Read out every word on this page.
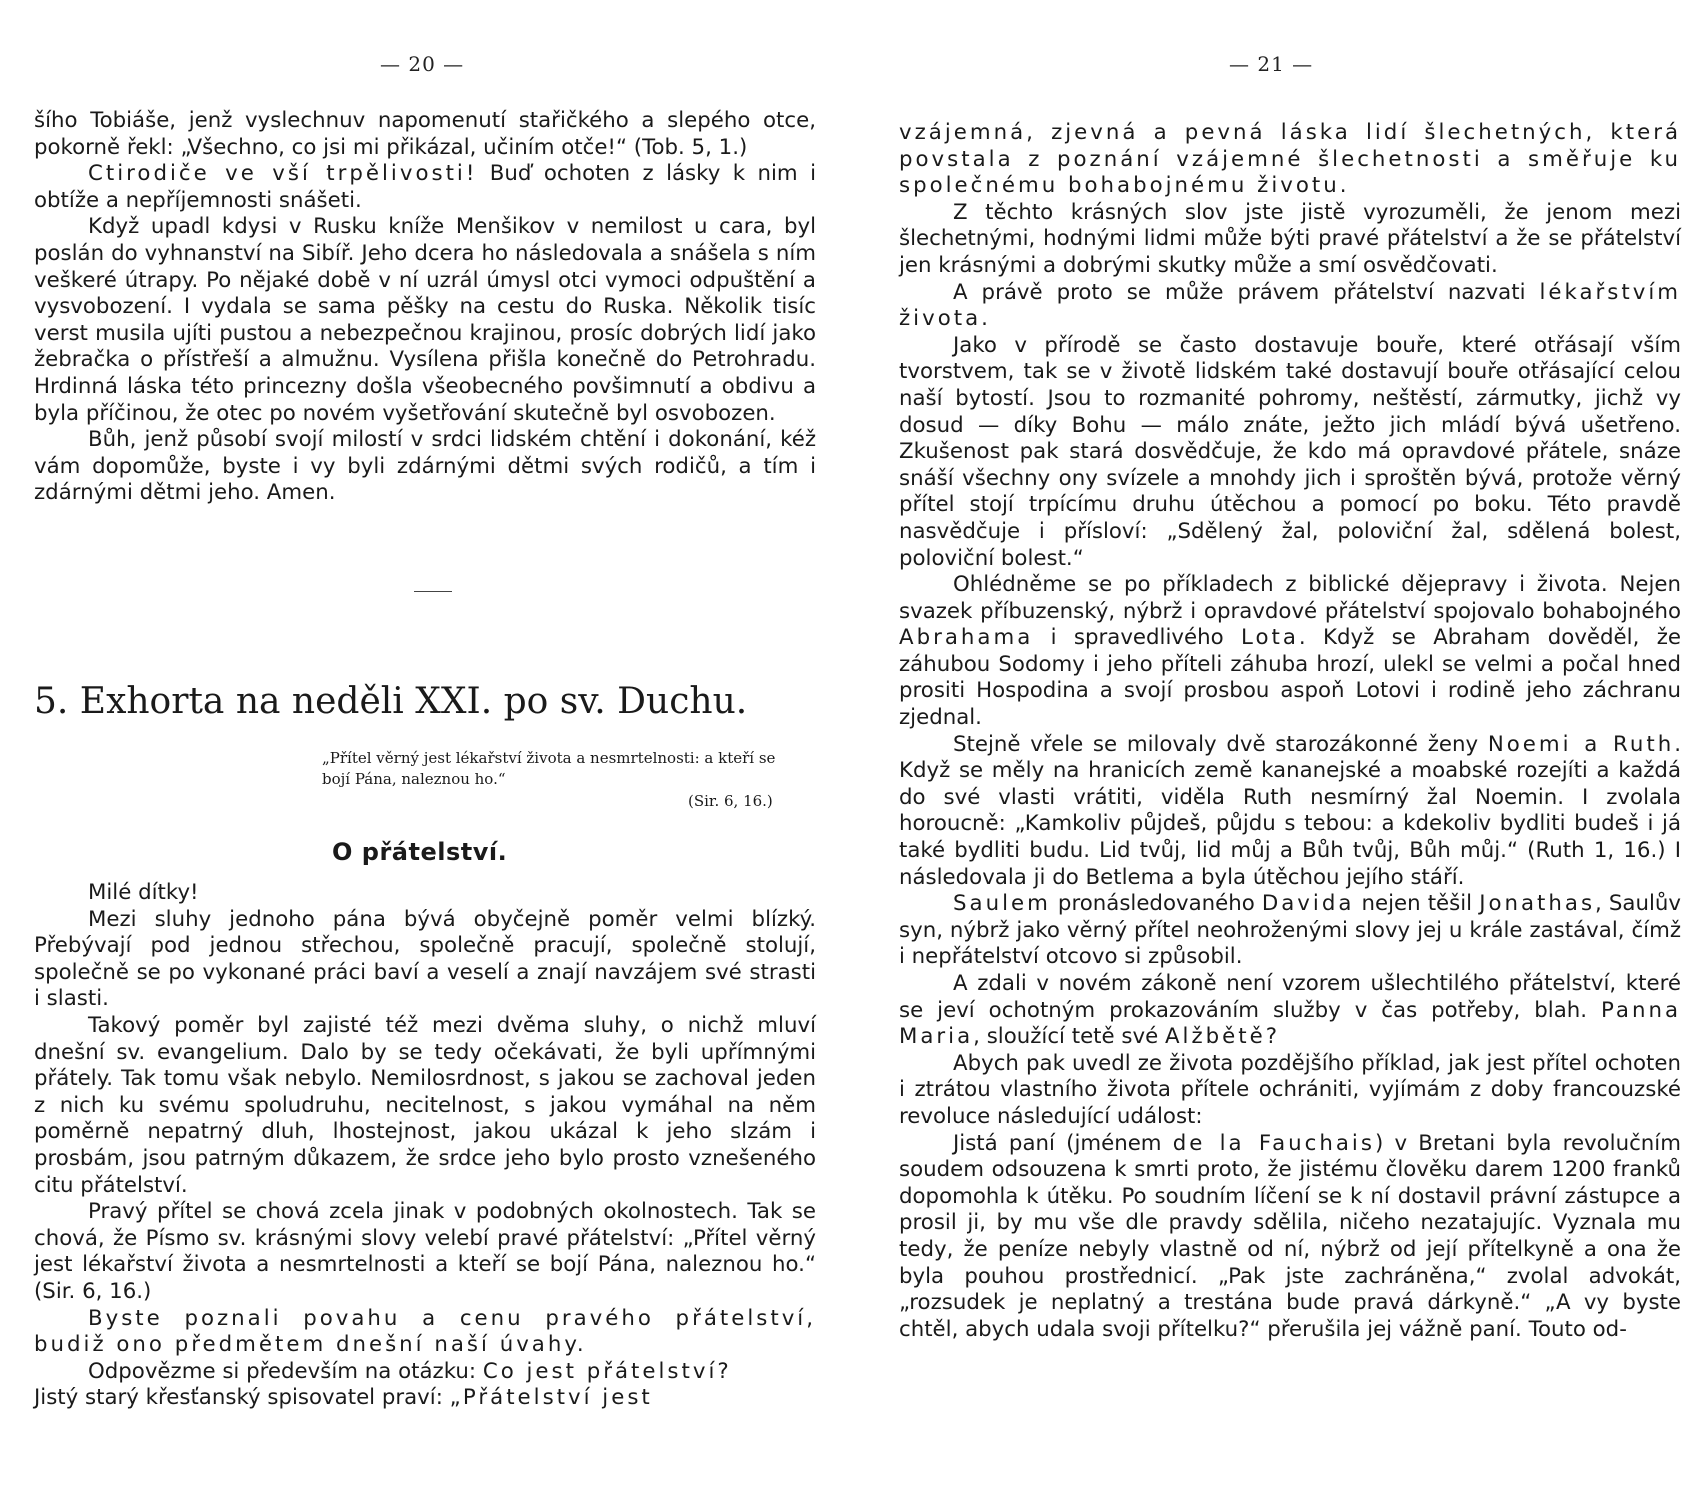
— 20 —

šího Tobiáše, jenž vyslechnuv napomenutí stařičkého a slepého otce, pokorně řekl: „Všechno, co jsi mi přikázal, učiním otče!“ (Tob. 5, 1.)

Ctirodiče ve vší trpělivosti! Buď ochoten z lásky k nim i obtíže a nepříjemnosti snášeti.

Když upadl kdysi v Rusku kníže Menšikov v nemilost u cara, byl poslán do vyhnanství na Sibíř. Jeho dcera ho následovala a snášela s ním veškeré útrapy. Po nějaké době v ní uzrál úmysl otci vymoci odpuštění a vysvobození. I vydala se sama pěšky na cestu do Ruska. Několik tisíc verst musila ujíti pustou a nebezpečnou krajinou, prosíc dobrých lidí jako žebračka o přístřeší a almužnu. Vysílena přišla konečně do Petrohradu. Hrdinná láska této princezny došla všeobecného povšimnutí a obdivu a byla příčinou, že otec po novém vyšetřování skutečně byl osvobozen.

Bůh, jenž působí svojí milostí v srdci lidském chtění i dokonání, kéž vám dopomůže, byste i vy byli zdárnými dětmi svých rodičů, a tím i zdárnými dětmi jeho. Amen.

5. Exhorta na neděli XXI. po sv. Duchu.
„Přítel věrný jest lékařství života a nesmrtelnosti: a kteří se bojí Pána, naleznou ho.“
(Sir. 6, 16.)
O přátelství.

Milé dítky!

Mezi sluhy jednoho pána bývá obyčejně poměr velmi blízký. Přebývají pod jednou střechou, společně pracují, společně stolují, společně se po vykonané práci baví a veselí a znají navzájem své strasti i slasti.

Takový poměr byl zajisté též mezi dvěma sluhy, o nichž mluví dnešní sv. evangelium. Dalo by se tedy očekávati, že byli upřímnými přátely. Tak tomu však nebylo. Nemilosrdnost, s jakou se zachoval jeden z nich ku svému spoludruhu, necitelnost, s jakou vymáhal na něm poměrně nepatrný dluh, lhostejnost, jakou ukázal k jeho slzám i prosbám, jsou patrným důkazem, že srdce jeho bylo prosto vznešeného citu přátelství.

Pravý přítel se chová zcela jinak v podobných okolnostech. Tak se chová, že Písmo sv. krásnými slovy velebí pravé přátelství: „Přítel věrný jest lékařství života a nesmrtelnosti a kteří se bojí Pána, naleznou ho.“ (Sir. 6, 16.)

Byste poznali povahu a cenu pravého přátelství, budiž ono předmětem dnešní naší úvahy.

Odpovězme si především na otázku: Co jest přátelství?

Jistý starý křesťanský spisovatel praví: „Přátelství jest

— 21 —

vzájemná, zjevná a pevná láska lidí šlechetných, která povstala z poznání vzájemné šlechetnosti a směřuje ku společnému bohabojnému životu.

Z těchto krásných slov jste jistě vyrozuměli, že jenom mezi šlechetnými, hodnými lidmi může býti pravé přátelství a že se přátelství jen krásnými a dobrými skutky může a smí osvědčovati.

A právě proto se může právem přátelství nazvati lékařstvím života.

Jako v přírodě se často dostavuje bouře, které otřásají vším tvorstvem, tak se v životě lidském také dostavují bouře otřásající celou naší bytostí. Jsou to rozmanité pohromy, neštěstí, zármutky, jichž vy dosud — díky Bohu — málo znáte, ježto jich mládí bývá ušetřeno. Zkušenost pak stará dosvědčuje, že kdo má opravdové přátele, snáze snáší všechny ony svízele a mnohdy jich i sproštěn bývá, protože věrný přítel stojí trpícímu druhu útěchou a pomocí po boku. Této pravdě nasvědčuje i přísloví: „Sdělený žal, poloviční žal, sdělená bolest, poloviční bolest.“

Ohlédněme se po příkladech z biblické dějepravy i života. Nejen svazek příbuzenský, nýbrž i opravdové přátelství spojovalo bohabojného Abrahama i spravedlivého Lota. Když se Abraham dověděl, že záhubou Sodomy i jeho příteli záhuba hrozí, ulekl se velmi a počal hned prositi Hospodina a svojí prosbou aspoň Lotovi i rodině jeho záchranu zjednal.

Stejně vřele se milovaly dvě starozákonné ženy Noemi a Ruth. Když se měly na hranicích země kananejské a moabské rozejíti a každá do své vlasti vrátiti, viděla Ruth nesmírný žal Noemin. I zvolala horoucně: „Kamkoliv půjdeš, půjdu s tebou: a kdekoliv bydliti budeš i já také bydliti budu. Lid tvůj, lid můj a Bůh tvůj, Bůh můj.“ (Ruth 1, 16.) I následovala ji do Betlema a byla útěchou jejího stáří.

Saulem pronásledovaného Davida nejen těšil Jonathas, Saulův syn, nýbrž jako věrný přítel neohroženými slovy jej u krále zastával, čímž i nepřátelství otcovo si způsobil.

A zdali v novém zákoně není vzorem ušlechtilého přátelství, které se jeví ochotným prokazováním služby v čas potřeby, blah. Panna Maria, sloužící tetě své Alžbětě?

Abych pak uvedl ze života pozdějšího příklad, jak jest přítel ochoten i ztrátou vlastního života přítele ochrániti, vyjímám z doby francouzské revoluce následující událost:

Jistá paní (jménem de la Fauchais) v Bretani byla revolučním soudem odsouzena k smrti proto, že jistému člověku darem 1200 franků dopomohla k útěku. Po soudním líčení se k ní dostavil právní zástupce a prosil ji, by mu vše dle pravdy sdělila, ničeho nezatajujíc. Vyznala mu tedy, že peníze nebyly vlastně od ní, nýbrž od její přítelkyně a ona že byla pouhou prostřednicí. „Pak jste zachráněna,“ zvolal advokát, „rozsudek je neplatný a trestána bude pravá dárkyně.“ „A vy byste chtěl, abych udala svoji přítelku?“ přerušila jej vážně paní. Touto od-
